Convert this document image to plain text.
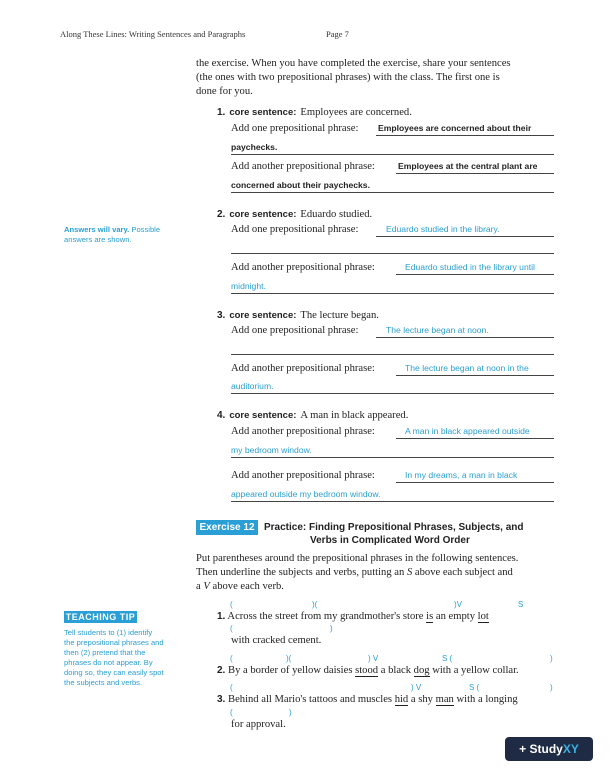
Along These Lines: Writing Sentences and Paragraphs	Page 7
the exercise. When you have completed the exercise, share your sentences
(the ones with two prepositional phrases) with the class. The first one is
done for you.
Answers will vary. Possible
answers are shown.
1. core sentence: Employees are concerned.
Add one prepositional phrase: Employees are concerned about their
paychecks.
Add another prepositional phrase:	Employees at the central plant are
concerned about their paychecks.
2. core sentence: Eduardo studied.
Add one prepositional phrase:	Eduardo studied in the library.
Add another prepositional phrase:	Eduardo studied in the library until
midnight.
3. core sentence: The lecture began.
Add one prepositional phrase:	The lecture began at noon.
Add another prepositional phrase:	The lecture began at noon in the
auditorium.
4. core sentence: A man in black appeared.
Add another prepositional phrase:	A man in black appeared outside
my bedroom window.
Add another prepositional phrase:	In my dreams, a man in black
appeared outside my bedroom window.
Exercise 12 Practice: Finding Prepositional Phrases, Subjects, and
Verbs in Complicated Word Order
Put parentheses around the prepositional phrases in the following sentences.
Then underline the subjects and verbs, putting an S above each subject and
a V above each verb.
TEACHING TIP
Tell students to (1) identify
the prepositional phrases and
then (2) pretend that the
phrases do not appear. By
doing so, they can easily spot
the subjects and verbs.
(	)(	)V	S
1. Across the street from my grandmother's store is an empty lot
(	)
with cracked cement.
(	)(	) V	S (	)
2. By a border of yellow daisies stood a black dog with a yellow collar.
(	) V	S (	)
3. Behind all Mario's tattoos and muscles hid a shy man with a longing
(	)
for approval.
+ StudyXY
